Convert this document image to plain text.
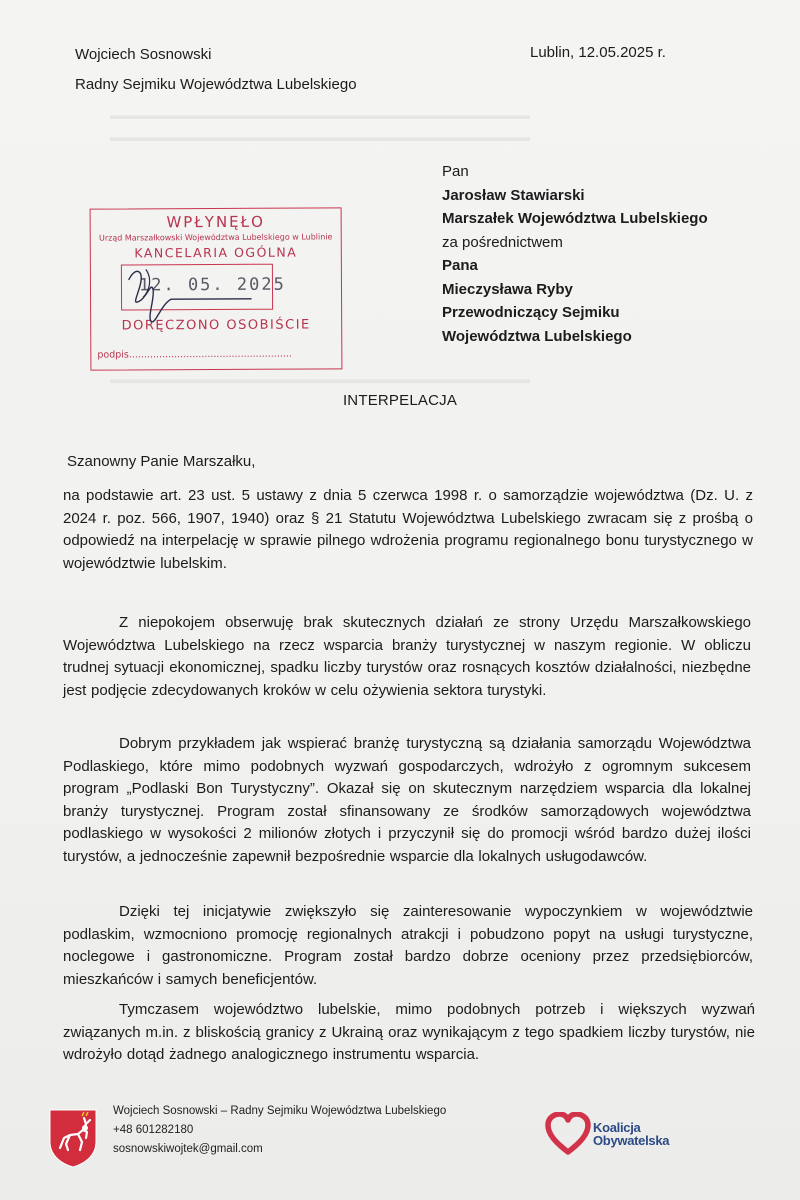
▬▬▬▬▬▬▬▬▬▬▬▬▬▬▬▬▬▬▬▬▬▬▬▬▬▬▬▬▬▬▬▬▬▬▬
▬▬▬▬▬▬▬▬▬▬▬▬▬▬▬▬▬▬▬▬▬▬▬▬▬▬▬▬▬▬▬▬▬▬▬
▬▬▬▬▬▬▬▬▬▬▬▬▬▬▬▬▬▬▬▬▬▬▬▬▬▬▬▬▬▬▬▬▬▬▬
Wojciech Sosnowski
Radny Sejmiku Województwa Lubelskiego
Lublin, 12.05.2025 r.
Pan
Jarosław Stawiarski
Marszałek Województwa Lubelskiego
za pośrednictwem
Pana
Mieczysława Ryby
Przewodniczący Sejmiku
Województwa Lubelskiego
WPŁYNĘŁO
Urząd Marszałkowski Województwa Lubelskiego w Lublinie
KANCELARIA OGÓLNA
12. 05. 2025
DORĘCZONO OSOBIŚCIE
podpis......................................................
INTERPELACJA
Szanowny Panie Marszałku,
na podstawie art. 23 ust. 5 ustawy z dnia 5 czerwca 1998 r. o samorządzie województwa (Dz. U. z 2024 r. poz. 566, 1907, 1940) oraz § 21 Statutu Województwa Lubelskiego zwracam się z prośbą o odpowiedź na interpelację w sprawie pilnego wdrożenia programu regionalnego bonu turystycznego w województwie lubelskim.
Z niepokojem obserwuję brak skutecznych działań ze strony Urzędu Marszałkowskiego Województwa Lubelskiego na rzecz wsparcia branży turystycznej w naszym regionie. W obliczu trudnej sytuacji ekonomicznej, spadku liczby turystów oraz rosnących kosztów działalności, niezbędne jest podjęcie zdecydowanych kroków w celu ożywienia sektora turystyki.
Dobrym przykładem jak wspierać branżę turystyczną są działania samorządu Województwa Podlaskiego, które mimo podobnych wyzwań gospodarczych, wdrożyło z ogromnym sukcesem program „Podlaski Bon Turystyczny”. Okazał się on skutecznym narzędziem wsparcia dla lokalnej branży turystycznej. Program został sfinansowany ze środków samorządowych województwa podlaskiego w wysokości 2 milionów złotych i przyczynił się do promocji wśród bardzo dużej ilości turystów, a jednocześnie zapewnił bezpośrednie wsparcie dla lokalnych usługodawców.
Dzięki tej inicjatywie zwiększyło się zainteresowanie wypoczynkiem w województwie podlaskim, wzmocniono promocję regionalnych atrakcji i pobudzono popyt na usługi turystyczne, noclegowe i gastronomiczne. Program został bardzo dobrze oceniony przez przedsiębiorców, mieszkańców i samych beneficjentów.
Tymczasem województwo lubelskie, mimo podobnych potrzeb i większych wyzwań związanych m.in. z bliskością granicy z Ukrainą oraz wynikającym z tego spadkiem liczby turystów, nie wdrożyło dotąd żadnego analogicznego instrumentu wsparcia.
Wojciech Sosnowski – Radny Sejmiku Województwa Lubelskiego
+48 601282180
sosnowskiwojtek@gmail.com
Koalicja
Obywatelska
